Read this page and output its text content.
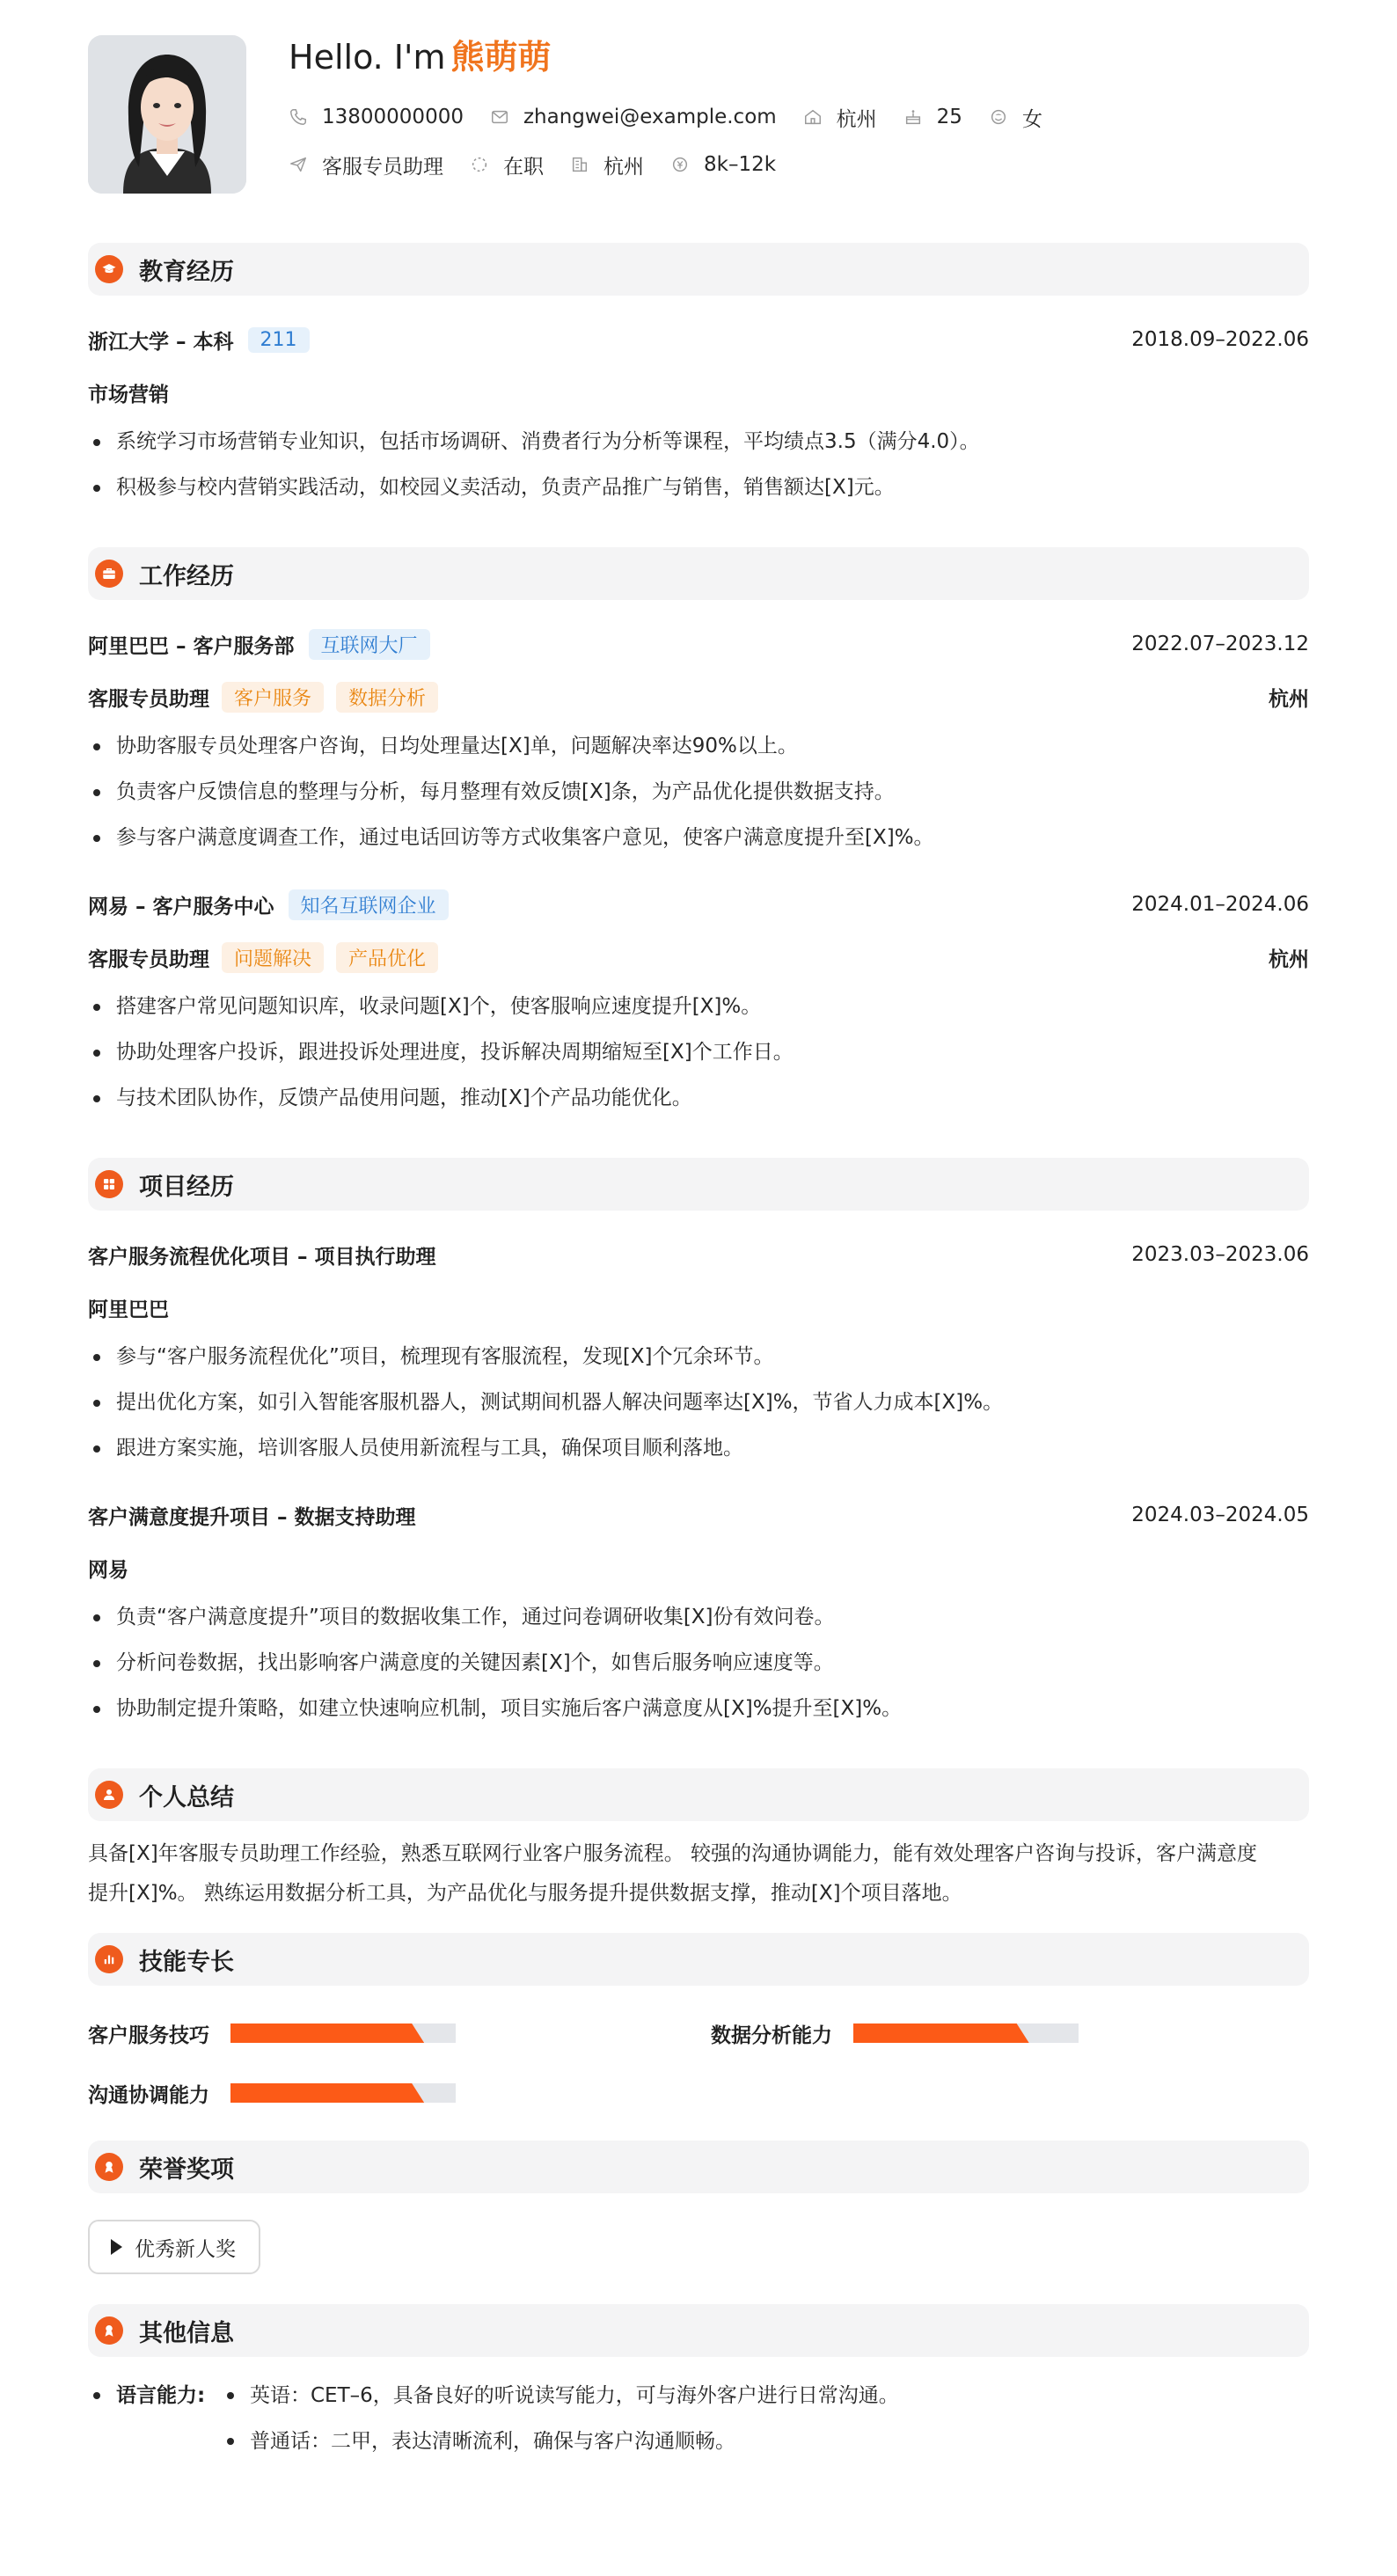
Hello. I'm 熊萌萌
13800000000	zhangwei@example.com	杭州	25	女
客服专员助理	在职	杭州	8k–12k
教育经历
浙江大学 – 本科	211	2018.09–2022.06
市场营销
系统学习市场营销专业知识，包括市场调研、消费者行为分析等课程，平均绩点3.5（满分4.0）。
积极参与校内营销实践活动，如校园义卖活动，负责产品推广与销售，销售额达[X]元。
工作经历
阿里巴巴 – 客户服务部	互联网大厂	2022.07–2023.12
客服专员助理	客户服务	数据分析	杭州
协助客服专员处理客户咨询，日均处理量达[X]单，问题解决率达90%以上。
负责客户反馈信息的整理与分析，每月整理有效反馈[X]条，为产品优化提供数据支持。
参与客户满意度调查工作，通过电话回访等方式收集客户意见，使客户满意度提升至[X]%。
网易 – 客户服务中心	知名互联网企业	2024.01–2024.06
客服专员助理	问题解决	产品优化	杭州
搭建客户常见问题知识库，收录问题[X]个，使客服响应速度提升[X]%。
协助处理客户投诉，跟进投诉处理进度，投诉解决周期缩短至[X]个工作日。
与技术团队协作，反馈产品使用问题，推动[X]个产品功能优化。
项目经历
客户服务流程优化项目 – 项目执行助理	2023.03–2023.06
阿里巴巴
参与“客户服务流程优化”项目，梳理现有客服流程，发现[X]个冗余环节。
提出优化方案，如引入智能客服机器人，测试期间机器人解决问题率达[X]%，节省人力成本[X]%。
跟进方案实施，培训客服人员使用新流程与工具，确保项目顺利落地。
客户满意度提升项目 – 数据支持助理	2024.03–2024.05
网易
负责“客户满意度提升”项目的数据收集工作，通过问卷调研收集[X]份有效问卷。
分析问卷数据，找出影响客户满意度的关键因素[X]个，如售后服务响应速度等。
协助制定提升策略，如建立快速响应机制，项目实施后客户满意度从[X]%提升至[X]%。
个人总结
具备[X]年客服专员助理工作经验，熟悉互联网行业客户服务流程。 较强的沟通协调能力，能有效处理客户咨询与投诉，客户满意度
提升[X]%。 熟练运用数据分析工具，为产品优化与服务提升提供数据支撑，推动[X]个项目落地。
技能专长
客户服务技巧	数据分析能力
沟通协调能力
荣誉奖项
优秀新人奖
其他信息
语言能力:	英语：CET–6，具备良好的听说读写能力，可与海外客户进行日常沟通。
普通话：二甲，表达清晰流利，确保与客户沟通顺畅。
